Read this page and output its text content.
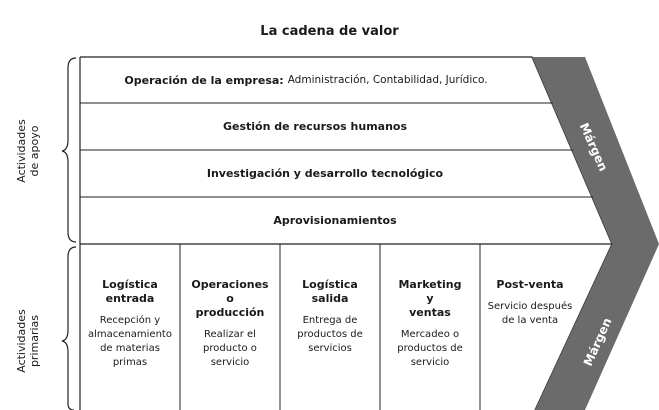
La cadena de valor
Actividades
de apoyo
Actividades
primarias
Operación de la empresa: Administración, Contabilidad, Jurídico.
Gestión de recursos humanos
Investigación y desarrollo tecnológico
Aprovisionamientos
Logística
entrada
Recepción y
almacenamiento
de materias
primas
Operaciones
o
producción
Realizar el
producto o
servicio
Logística
salida
Entrega de
productos de
servicios
Marketing
y
ventas
Mercadeo o
productos de
servicio
Post-venta
Servicio después
de la venta
Márgen
Márgen
